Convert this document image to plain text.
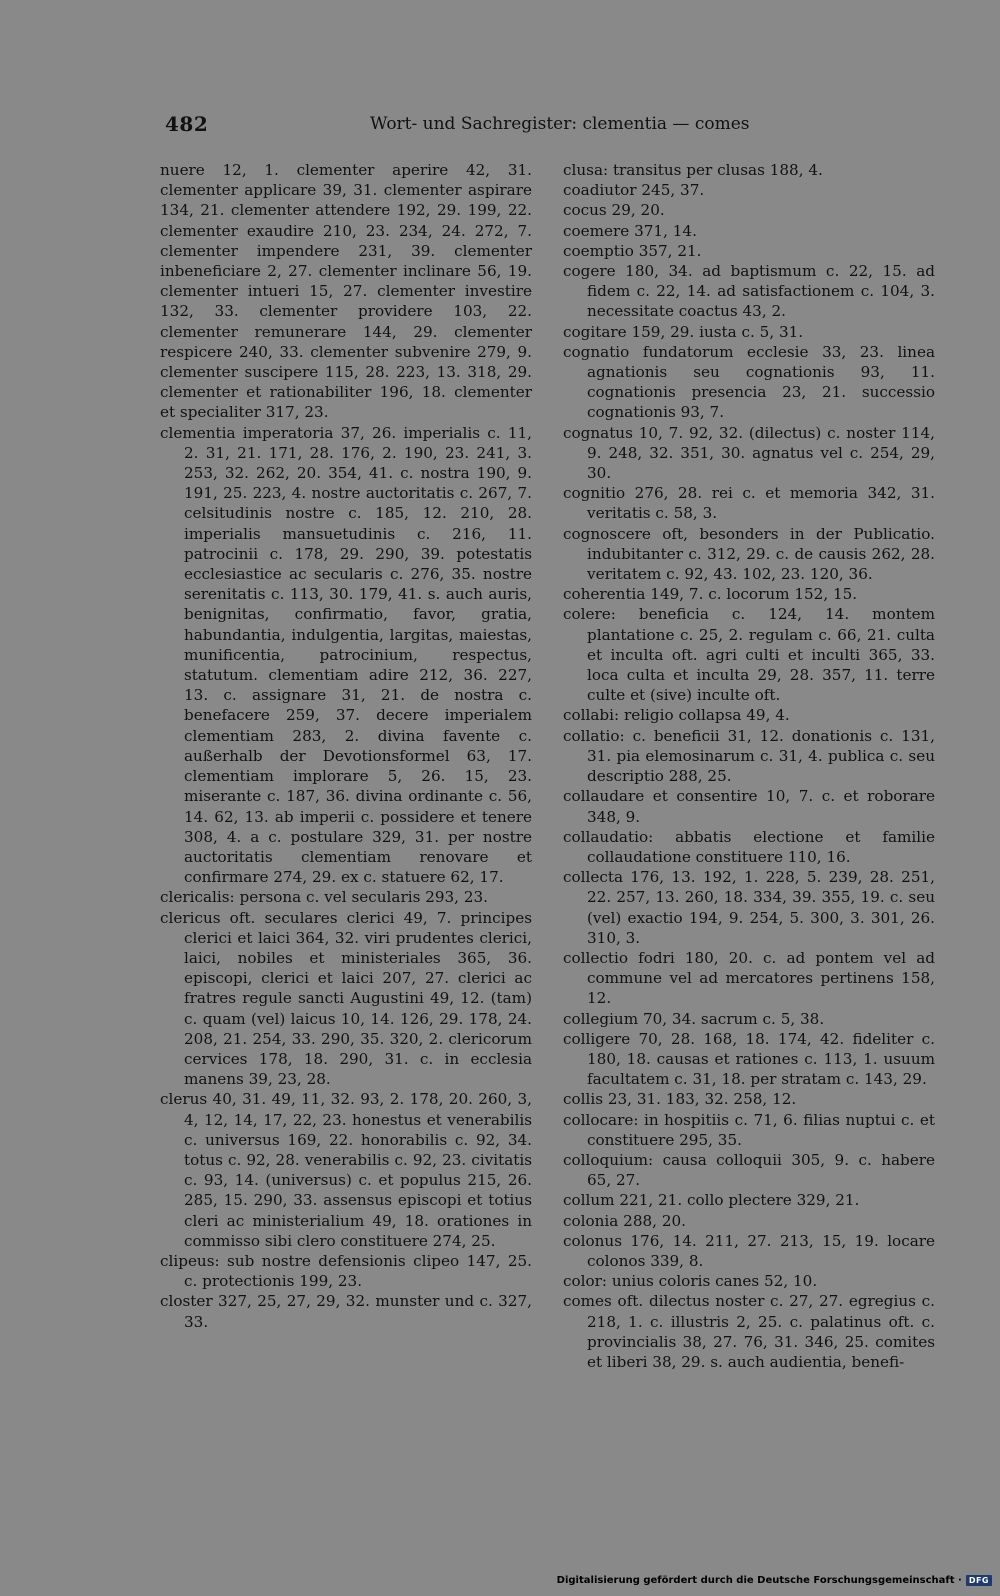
482	Wort- und Sachregister: clementia — comes

nuere 12, 1. clementer aperire 42, 31. clementer applicare 39, 31. clementer aspirare 134, 21. clementer attendere 192, 29. 199, 22. clementer exaudire 210, 23. 234, 24. 272, 7. clementer impendere 231, 39. clementer inbeneficiare 2, 27. clementer inclinare 56, 19. clementer intueri 15, 27. clementer investire 132, 33. clementer providere 103, 22. clementer remunerare 144, 29. clementer respicere 240, 33. clementer subvenire 279, 9. clementer suscipere 115, 28. 223, 13. 318, 29. clementer et rationabiliter 196, 18. clementer et specialiter 317, 23.

clementia imperatoria 37, 26. imperialis c. 11, 2. 31, 21. 171, 28. 176, 2. 190, 23. 241, 3. 253, 32. 262, 20. 354, 41. c. nostra 190, 9. 191, 25. 223, 4. nostre auctoritatis c. 267, 7. celsitudinis nostre c. 185, 12. 210, 28. imperialis mansuetudinis c. 216, 11. patrocinii c. 178, 29. 290, 39. potestatis ecclesiastice ac secularis c. 276, 35. nostre serenitatis c. 113, 30. 179, 41. s. auch auris, benignitas, confirmatio, favor, gratia, habundantia, indulgentia, largitas, maiestas, munificentia, patrocinium, respectus, statutum. clementiam adire 212, 36. 227, 13. c. assignare 31, 21. de nostra c. benefacere 259, 37. decere imperialem clementiam 283, 2. divina favente c. außerhalb der Devotionsformel 63, 17. clementiam implorare 5, 26. 15, 23. miserante c. 187, 36. divina ordinante c. 56, 14. 62, 13. ab imperii c. possidere et tenere 308, 4. a c. postulare 329, 31. per nostre auctoritatis clementiam renovare et confirmare 274, 29. ex c. statuere 62, 17.

clericalis: persona c. vel secularis 293, 23.

clericus oft. seculares clerici 49, 7. principes clerici et laici 364, 32. viri prudentes clerici, laici, nobiles et ministeriales 365, 36. episcopi, clerici et laici 207, 27. clerici ac fratres regule sancti Augustini 49, 12. (tam) c. quam (vel) laicus 10, 14. 126, 29. 178, 24. 208, 21. 254, 33. 290, 35. 320, 2. clericorum cervices 178, 18. 290, 31. c. in ecclesia manens 39, 23, 28.

clerus 40, 31. 49, 11, 32. 93, 2. 178, 20. 260, 3, 4, 12, 14, 17, 22, 23. honestus et venerabilis c. universus 169, 22. honorabilis c. 92, 34. totus c. 92, 28. venerabilis c. 92, 23. civitatis c. 93, 14. (universus) c. et populus 215, 26. 285, 15. 290, 33. assensus episcopi et totius cleri ac ministerialium 49, 18. orationes in commisso sibi clero constituere 274, 25.

clipeus: sub nostre defensionis clipeo 147, 25. c. protectionis 199, 23.

closter 327, 25, 27, 29, 32. munster und c. 327, 33.

clusa: transitus per clusas 188, 4.

coadiutor 245, 37.

cocus 29, 20.

coemere 371, 14.

coemptio 357, 21.

cogere 180, 34. ad baptismum c. 22, 15. ad fidem c. 22, 14. ad satisfactionem c. 104, 3. necessitate coactus 43, 2.

cogitare 159, 29. iusta c. 5, 31.

cognatio fundatorum ecclesie 33, 23. linea agnationis seu cognationis 93, 11. cognationis presencia 23, 21. successio cognationis 93, 7.

cognatus 10, 7. 92, 32. (dilectus) c. noster 114, 9. 248, 32. 351, 30. agnatus vel c. 254, 29, 30.

cognitio 276, 28. rei c. et memoria 342, 31. veritatis c. 58, 3.

cognoscere oft, besonders in der Publicatio. indubitanter c. 312, 29. c. de causis 262, 28. veritatem c. 92, 43. 102, 23. 120, 36.

coherentia 149, 7. c. locorum 152, 15.

colere: beneficia c. 124, 14. montem plantatione c. 25, 2. regulam c. 66, 21. culta et inculta oft. agri culti et inculti 365, 33. loca culta et inculta 29, 28. 357, 11. terre culte et (sive) inculte oft.

collabi: religio collapsa 49, 4.

collatio: c. beneficii 31, 12. donationis c. 131, 31. pia elemosinarum c. 31, 4. publica c. seu descriptio 288, 25.

collaudare et consentire 10, 7. c. et roborare 348, 9.

collaudatio: abbatis electione et familie collaudatione constituere 110, 16.

collecta 176, 13. 192, 1. 228, 5. 239, 28. 251, 22. 257, 13. 260, 18. 334, 39. 355, 19. c. seu (vel) exactio 194, 9. 254, 5. 300, 3. 301, 26. 310, 3.

collectio fodri 180, 20. c. ad pontem vel ad commune vel ad mercatores pertinens 158, 12.

collegium 70, 34. sacrum c. 5, 38.

colligere 70, 28. 168, 18. 174, 42. fideliter c. 180, 18. causas et rationes c. 113, 1. usuum facultatem c. 31, 18. per stratam c. 143, 29.

collis 23, 31. 183, 32. 258, 12.

collocare: in hospitiis c. 71, 6. filias nuptui c. et constituere 295, 35.

colloquium: causa colloquii 305, 9. c. habere 65, 27.

collum 221, 21. collo plectere 329, 21.

colonia 288, 20.

colonus 176, 14. 211, 27. 213, 15, 19. locare colonos 339, 8.

color: unius coloris canes 52, 10.

comes oft. dilectus noster c. 27, 27. egregius c. 218, 1. c. illustris 2, 25. c. palatinus oft. c. provincialis 38, 27. 76, 31. 346, 25. comites et liberi 38, 29. s. auch audientia, benefi-

Digitalisierung gefördert durch die Deutsche Forschungsgemeinschaft · DFG
